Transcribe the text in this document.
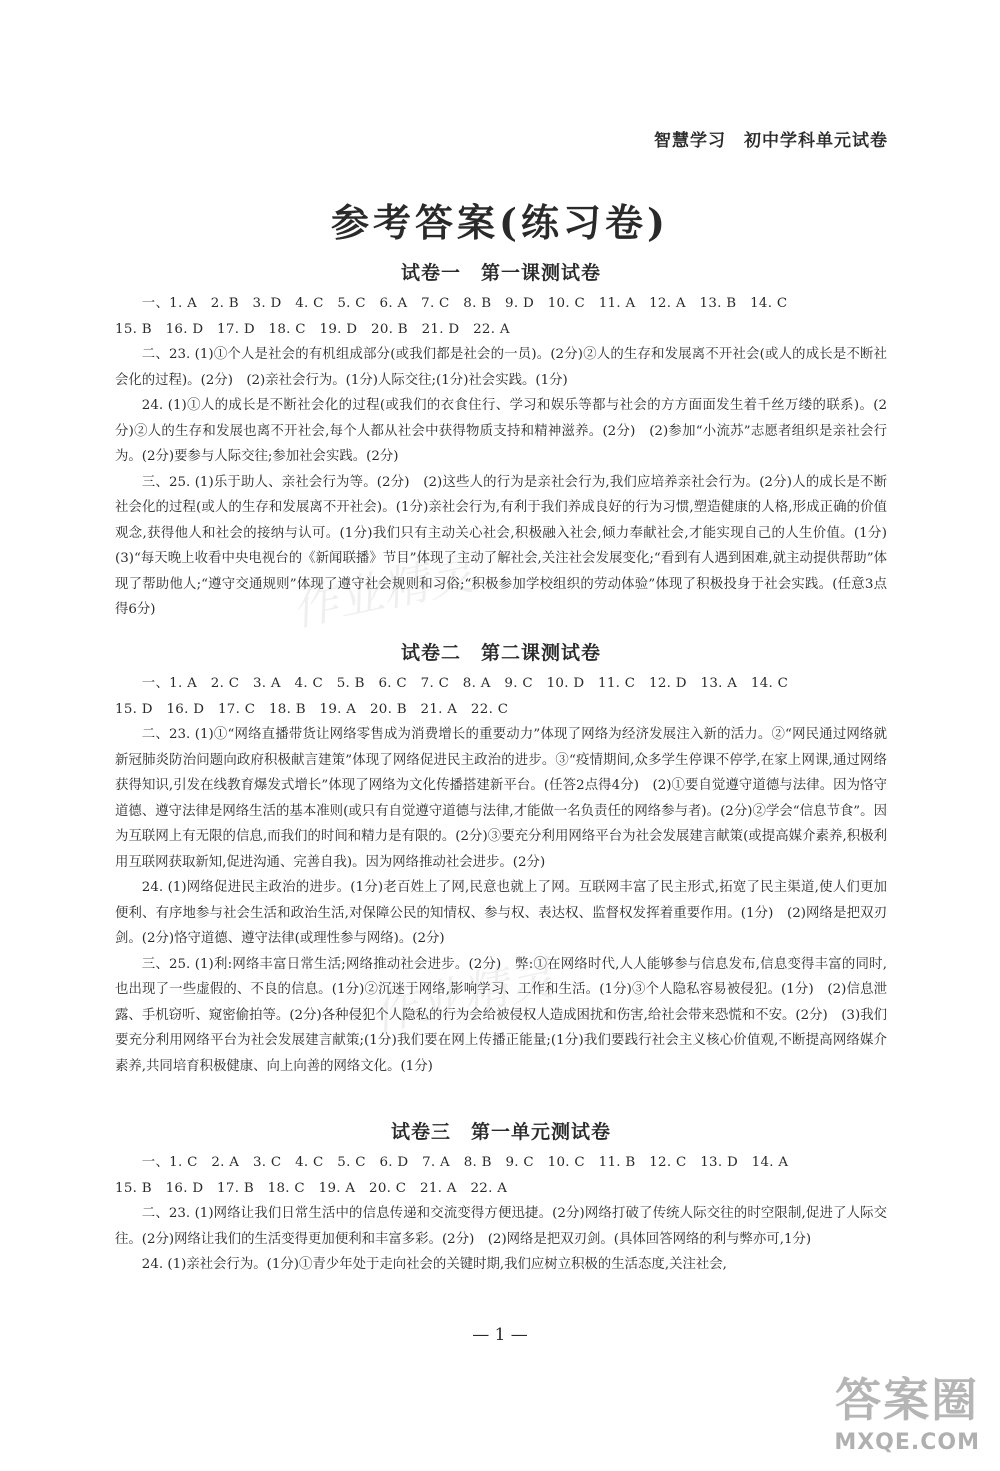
智慧学习　初中学科单元试卷
参考答案(练习卷)
试卷一　第一课测试卷

一、1. A　2. B　3. D　4. C　5. C　6. A　7. C　8. B　9. D　10. C　11. A　12. A　13. B　14. C

15. B　16. D　17. D　18. C　19. D　20. B　21. D　22. A

二、23. (1)①个人是社会的有机组成部分(或我们都是社会的一员)。(2分)②人的生存和发展离不开社会(或人的成长是不断社会化的过程)。(2分)　(2)亲社会行为。(1分)人际交往;(1分)社会实践。(1分)

24. (1)①人的成长是不断社会化的过程(或我们的衣食住行、学习和娱乐等都与社会的方方面面发生着千丝万缕的联系)。(2分)②人的生存和发展也离不开社会,每个人都从社会中获得物质支持和精神滋养。(2分)　(2)参加“小流苏”志愿者组织是亲社会行为。(2分)要参与人际交往;参加社会实践。(2分)

三、25. (1)乐于助人、亲社会行为等。(2分)　(2)这些人的行为是亲社会行为,我们应培养亲社会行为。(2分)人的成长是不断社会化的过程(或人的生存和发展离不开社会)。(1分)亲社会行为,有利于我们养成良好的行为习惯,塑造健康的人格,形成正确的价值观念,获得他人和社会的接纳与认可。(1分)我们只有主动关心社会,积极融入社会,倾力奉献社会,才能实现自己的人生价值。(1分)　(3)“每天晚上收看中央电视台的《新闻联播》节目”体现了主动了解社会,关注社会发展变化;“看到有人遇到困难,就主动提供帮助”体现了帮助他人;“遵守交通规则”体现了遵守社会规则和习俗;“积极参加学校组织的劳动体验”体现了积极投身于社会实践。(任意3点得6分)

试卷二　第二课测试卷

一、1. A　2. C　3. A　4. C　5. B　6. C　7. C　8. A　9. C　10. D　11. C　12. D　13. A　14. C

15. D　16. D　17. C　18. B　19. A　20. B　21. A　22. C

二、23. (1)①“网络直播带货让网络零售成为消费增长的重要动力”体现了网络为经济发展注入新的活力。②“网民通过网络就新冠肺炎防治问题向政府积极献言建策”体现了网络促进民主政治的进步。③“疫情期间,众多学生停课不停学,在家上网课,通过网络获得知识,引发在线教育爆发式增长”体现了网络为文化传播搭建新平台。(任答2点得4分)　(2)①要自觉遵守道德与法律。因为恪守道德、遵守法律是网络生活的基本准则(或只有自觉遵守道德与法律,才能做一名负责任的网络参与者)。(2分)②学会“信息节食”。因为互联网上有无限的信息,而我们的时间和精力是有限的。(2分)③要充分利用网络平台为社会发展建言献策(或提高媒介素养,积极利用互联网获取新知,促进沟通、完善自我)。因为网络推动社会进步。(2分)

24. (1)网络促进民主政治的进步。(1分)老百姓上了网,民意也就上了网。互联网丰富了民主形式,拓宽了民主渠道,使人们更加便利、有序地参与社会生活和政治生活,对保障公民的知情权、参与权、表达权、监督权发挥着重要作用。(1分)　(2)网络是把双刃剑。(2分)恪守道德、遵守法律(或理性参与网络)。(2分)

三、25. (1)利:网络丰富日常生活;网络推动社会进步。(2分)　弊:①在网络时代,人人能够参与信息发布,信息变得丰富的同时,也出现了一些虚假的、不良的信息。(1分)②沉迷于网络,影响学习、工作和生活。(1分)③个人隐私容易被侵犯。(1分)　(2)信息泄露、手机窃听、窥密偷拍等。(2分)各种侵犯个人隐私的行为会给被侵权人造成困扰和伤害,给社会带来恐慌和不安。(2分)　(3)我们要充分利用网络平台为社会发展建言献策;(1分)我们要在网上传播正能量;(1分)我们要践行社会主义核心价值观,不断提高网络媒介素养,共同培育积极健康、向上向善的网络文化。(1分)

试卷三　第一单元测试卷

一、1. C　2. A　3. C　4. C　5. C　6. D　7. A　8. B　9. C　10. C　11. B　12. C　13. D　14. A

15. B　16. D　17. B　18. C　19. A　20. C　21. A　22. A

二、23. (1)网络让我们日常生活中的信息传递和交流变得方便迅捷。(2分)网络打破了传统人际交往的时空限制,促进了人际交往。(2分)网络让我们的生活变得更加便利和丰富多彩。(2分)　(2)网络是把双刃剑。(具体回答网络的利与弊亦可,1分)

24. (1)亲社会行为。(1分)①青少年处于走向社会的关键时期,我们应树立积极的生活态度,关注社会,

作业精灵
作业精灵
— 1 —
答案圈
MXQE.COM
